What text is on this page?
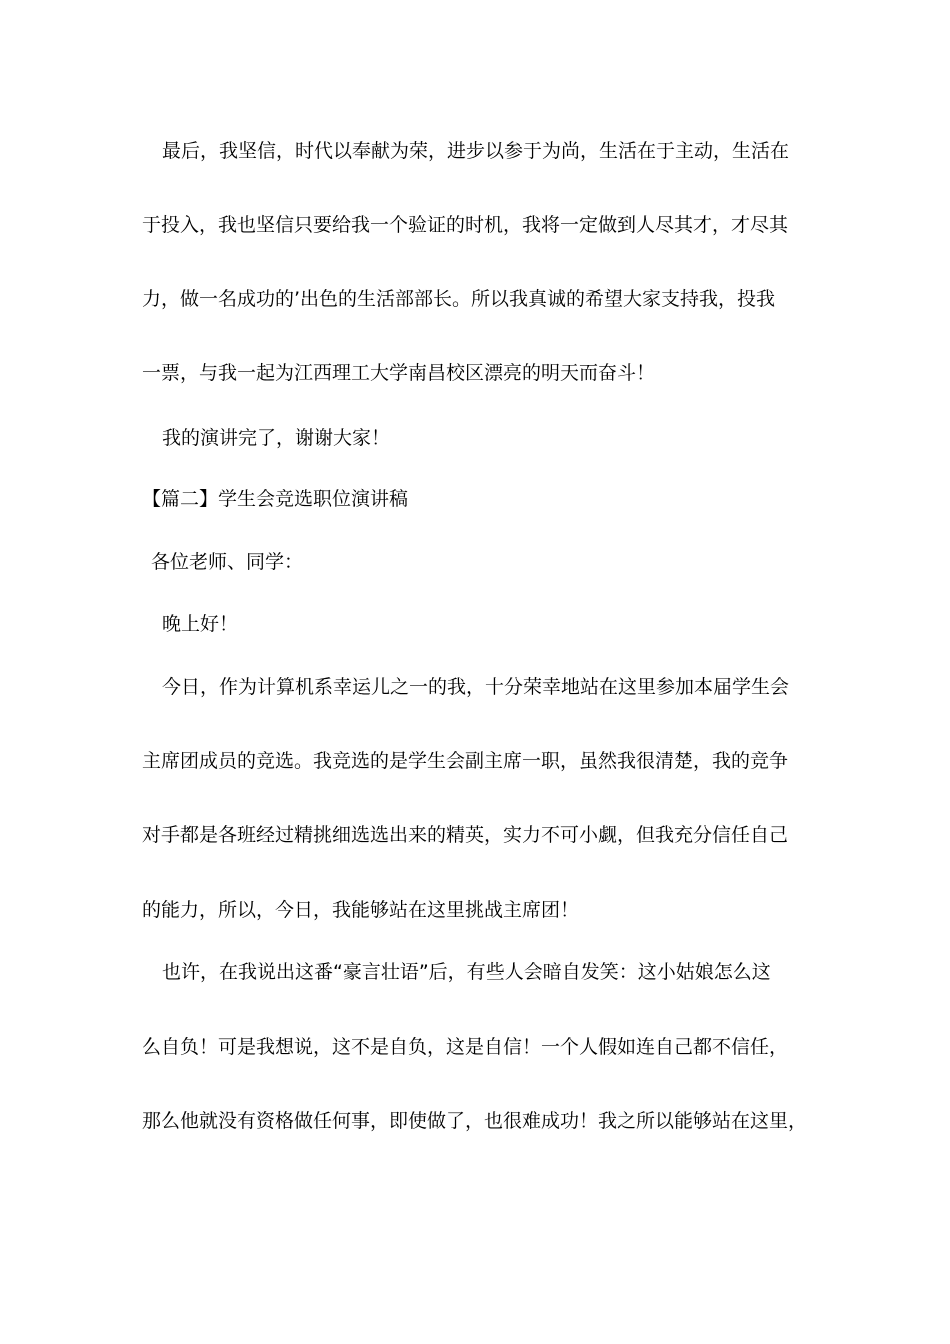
最后，我坚信，时代以奉献为荣，进步以参于为尚，生活在于主动，生活在
于投入，我也坚信只要给我一个验证的时机，我将一定做到人尽其才，才尽其
力，做一名成功的’出色的生活部部长。所以我真诚的希望大家支持我，投我
一票，与我一起为江西理工大学南昌校区漂亮的明天而奋斗！
我的演讲完了，谢谢大家！
【篇二】学生会竞选职位演讲稿
各位老师、同学：
晚上好！
今日，作为计算机系幸运儿之一的我，十分荣幸地站在这里参加本届学生会
主席团成员的竞选。我竞选的是学生会副主席一职，虽然我很清楚，我的竞争
对手都是各班经过精挑细选选出来的精英，实力不可小觑，但我充分信任自己
的能力，所以，今日，我能够站在这里挑战主席团！
也许，在我说出这番“豪言壮语”后，有些人会暗自发笑：这小姑娘怎么这
么自负！可是我想说，这不是自负，这是自信！一个人假如连自己都不信任，
那么他就没有资格做任何事，即使做了，也很难成功！我之所以能够站在这里，
